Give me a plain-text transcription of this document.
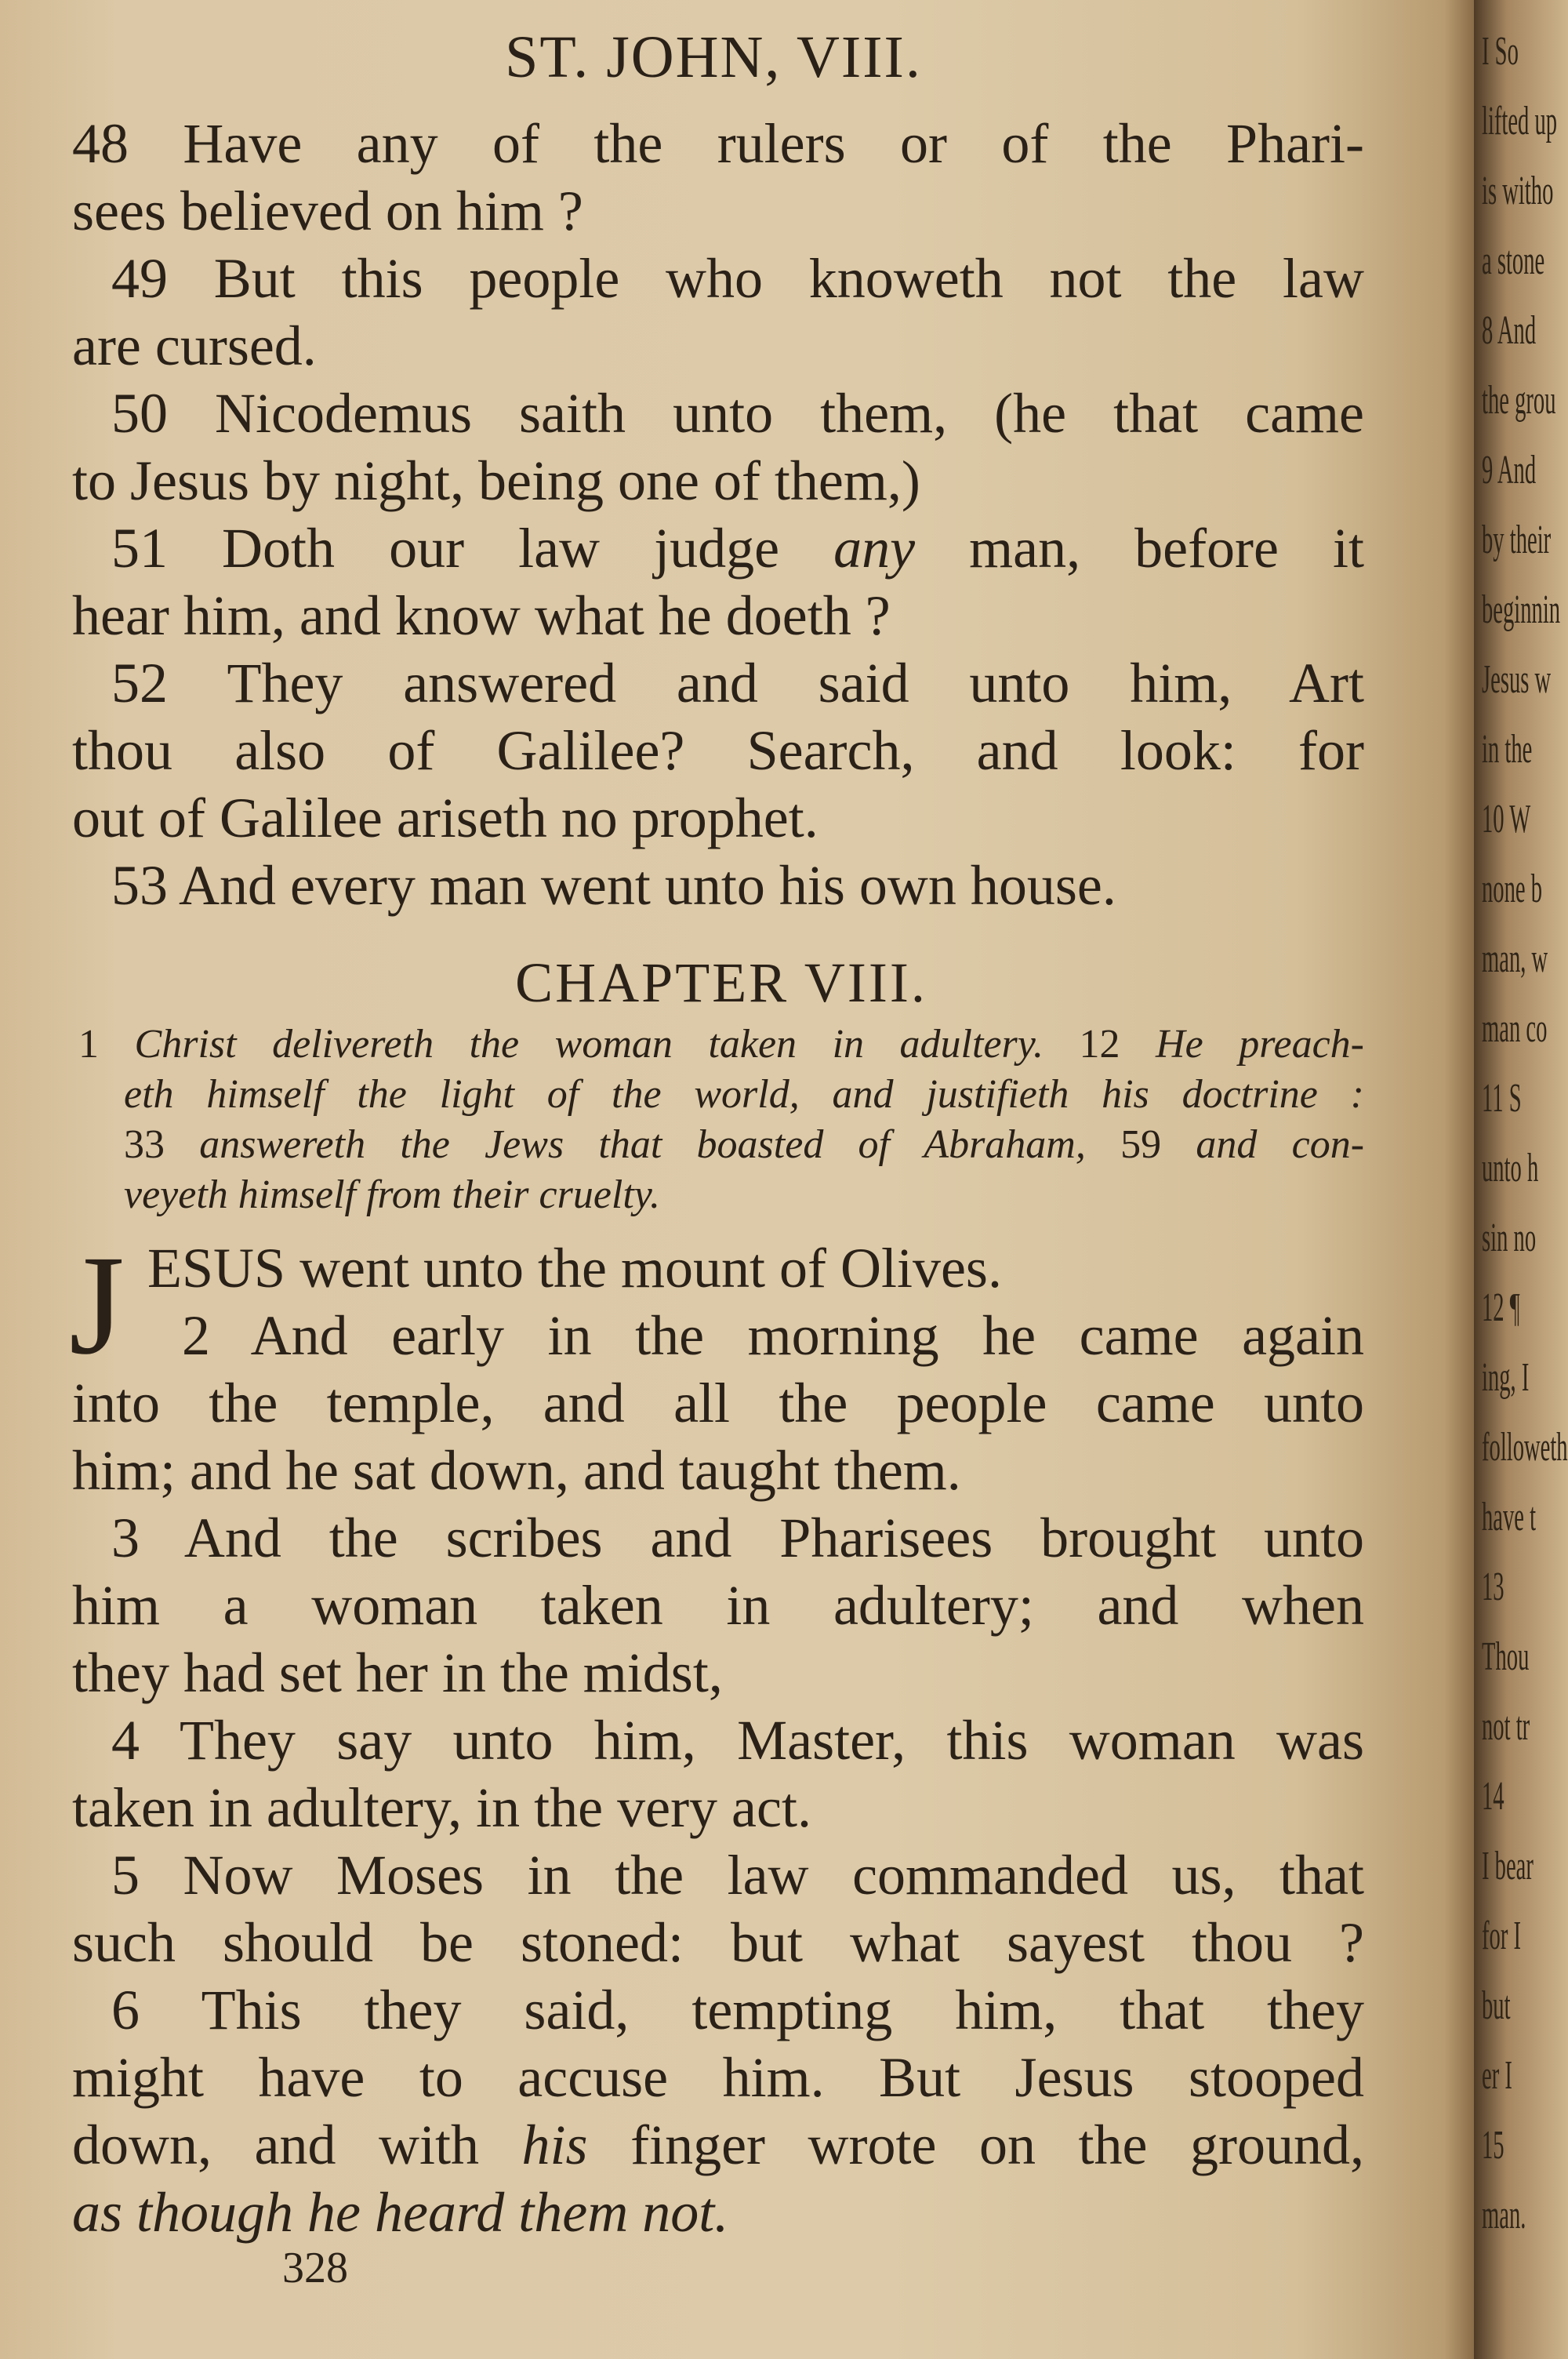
ST. JOHN, VIII.
48 Have any of the rulers or of the Phari-
sees believed on him ?
49 But this people who knoweth not the law
are cursed.
50 Nicodemus saith unto them, (he that came
to Jesus by night, being one of them,)
51 Doth our law judge any man, before it
hear him, and know what he doeth ?
52 They answered and said unto him, Art
thou also of Galilee? Search, and look: for
out of Galilee ariseth no prophet.
53 And every man went unto his own house.
CHAPTER VIII.
1 Christ delivereth the woman taken in adultery. 12 He preach-
eth himself the light of the world, and justifieth his doctrine :
33 answereth the Jews that boasted of Abraham, 59 and con-
veyeth himself from their cruelty.
J ESUS went unto the mount of Olives.
2 And early in the morning he came again
into the temple, and all the people came unto
him; and he sat down, and taught them.
3 And the scribes and Pharisees brought unto
him a woman taken in adultery; and when
they had set her in the midst,
4 They say unto him, Master, this woman was
taken in adultery, in the very act.
5 Now Moses in the law commanded us, that
such should be stoned: but what sayest thou ?
6 This they said, tempting him, that they
might have to accuse him. But Jesus stooped
down, and with his finger wrote on the ground,
as though he heard them not.
328
I So
lifted up
is witho
a stone
8 And
the grou
9 And
by their
beginnin
Jesus w
in the
10 W
none b
man, w
man co
11 S
unto h
sin no
12 ¶
ing, I
followeth
have t
13
Thou
not tr
14
I bear
for I
but
er I
15
man.
